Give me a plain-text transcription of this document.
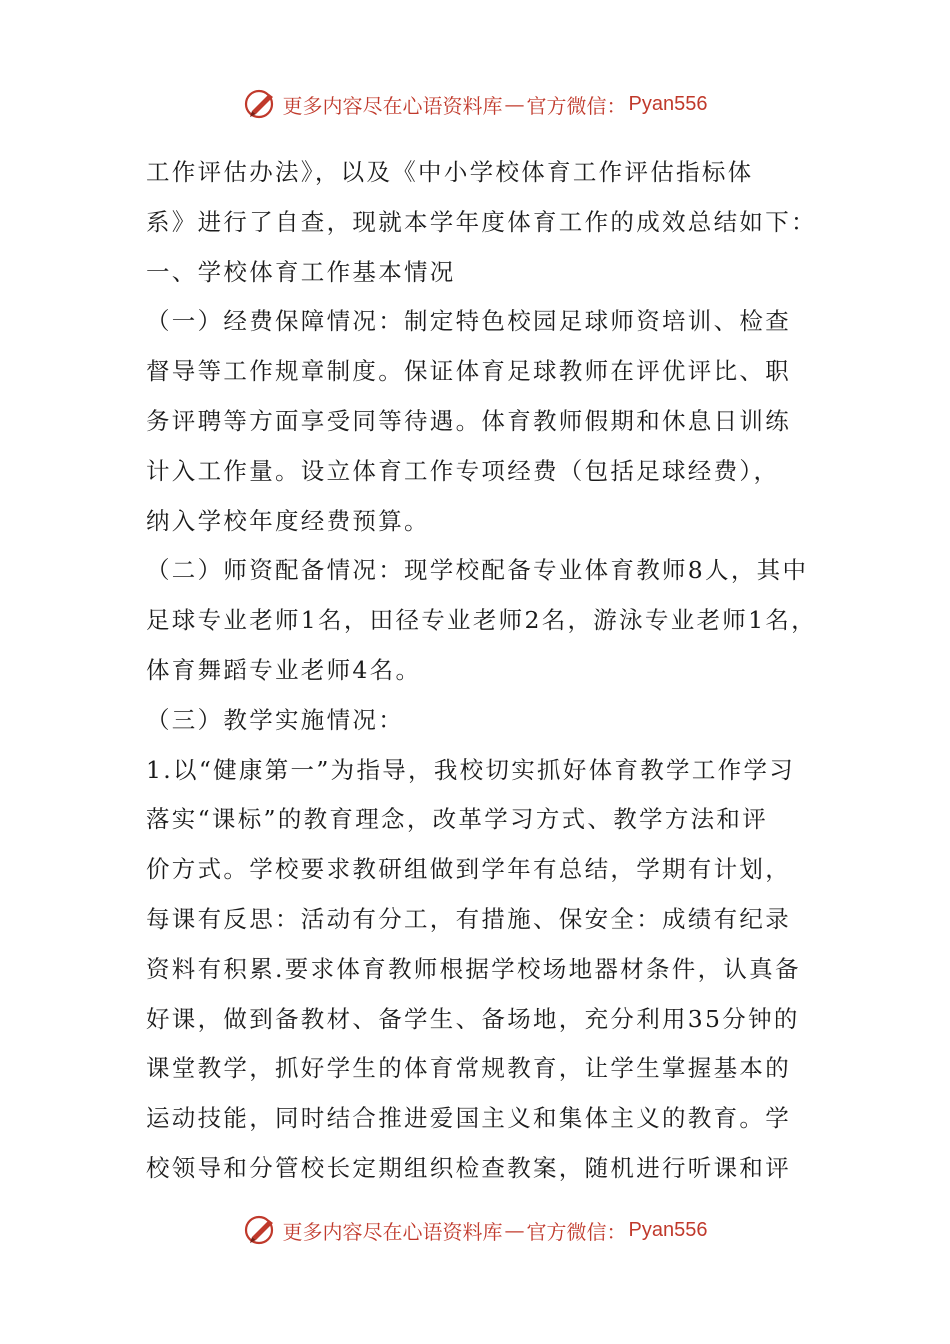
更多内容尽在心语资料库 — 官方微信： Pyan556
工作评估办法》，以及《中小学校体育工作评估指标体
系》进行了自查，现就本学年度体育工作的成效总结如下：
一、学校体育工作基本情况
（一）经费保障情况：制定特色校园足球师资培训、检查
督导等工作规章制度。保证体育足球教师在评优评比、职
务评聘等方面享受同等待遇。体育教师假期和休息日训练
计入工作量。设立体育工作专项经费（包括足球经费），
纳入学校年度经费预算。
（二）师资配备情况：现学校配备专业体育教师8人，其中
足球专业老师1名，田径专业老师2名，游泳专业老师1名，
体育舞蹈专业老师4名。
（三）教学实施情况：
1.以“健康第一”为指导，我校切实抓好体育教学工作学习
落实“课标”的教育理念，改革学习方式、教学方法和评
价方式。学校要求教研组做到学年有总结，学期有计划，
每课有反思：活动有分工，有措施、保安全：成绩有纪录
资料有积累.要求体育教师根据学校场地器材条件，认真备
好课，做到备教材、备学生、备场地，充分利用35分钟的
课堂教学，抓好学生的体育常规教育，让学生掌握基本的
运动技能，同时结合推进爱国主义和集体主义的教育。学
校领导和分管校长定期组织检查教案，随机进行听课和评
更多内容尽在心语资料库 — 官方微信： Pyan556
